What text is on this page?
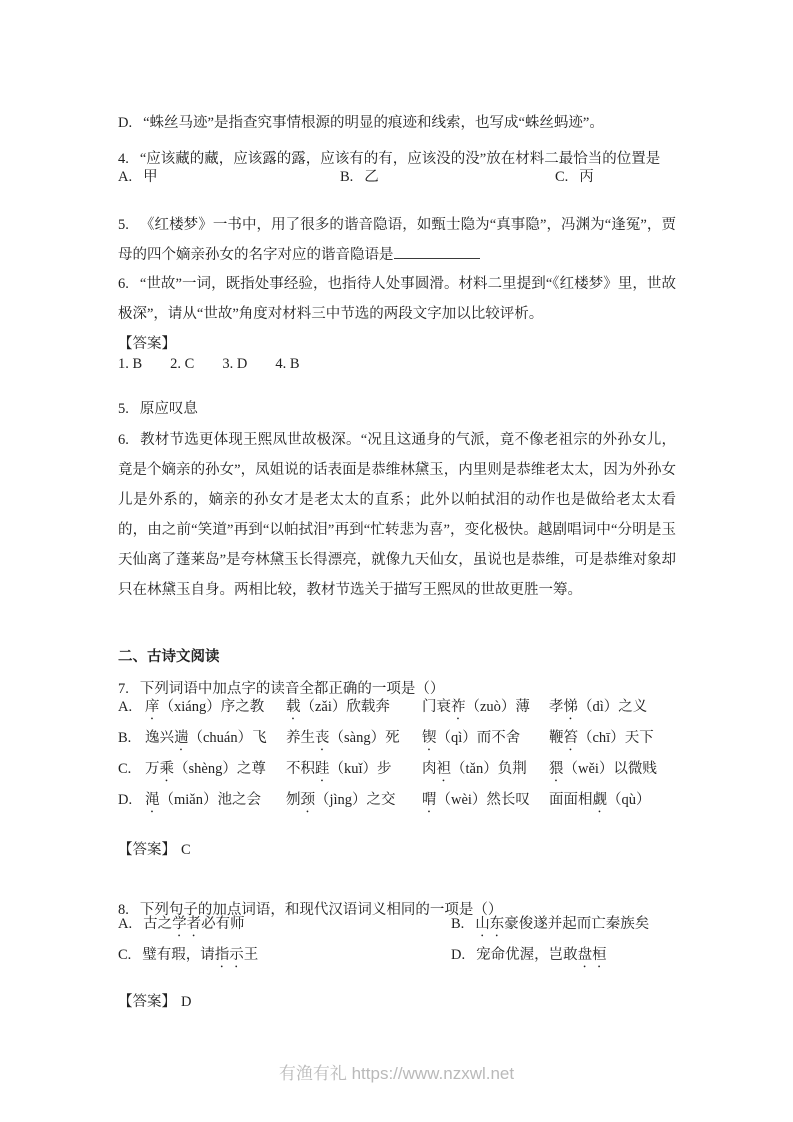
D. “蛛丝马迹”是指查究事情根源的明显的痕迹和线索，也写成“蛛丝蚂迹”。

4. “应该藏的藏，应该露的露，应该有的有，应该没的没”放在材料二最恰当的位置是

A. 甲	B. 乙	C. 丙

5. 《红楼梦》一书中，用了很多的谐音隐语，如甄士隐为“真事隐”，冯渊为“逢冤”，贾母的四个嫡亲孙女的名字对应的谐音隐语是

6. “世故”一词，既指处事经验，也指待人处事圆滑。材料二里提到“《红楼梦》里，世故极深”，请从“世故”角度对材料三中节选的两段文字加以比较评析。

【答案】

1. B 2. C 3. D 4. B

5. 原应叹息

6. 教材节选更体现王熙凤世故极深。“况且这通身的气派，竟不像老祖宗的外孙女儿，竟是个嫡亲的孙女”，凤姐说的话表面是恭维林黛玉，内里则是恭维老太太，因为外孙女儿是外系的，嫡亲的孙女才是老太太的直系；此外以帕拭泪的动作也是做给老太太看的，由之前“笑道”再到“以帕拭泪”再到“忙转悲为喜”，变化极快。越剧唱词中“分明是玉天仙离了蓬莱岛”是夸林黛玉长得漂亮，就像九天仙女，虽说也是恭维，可是恭维对象却只在林黛玉自身。两相比较，教材节选关于描写王熙凤的世故更胜一筹。

二、古诗文阅读

7. 下列词语中加点字的读音全都正确的一项是（）

A. 庠（xiáng）序之教	载（zǎi）欣载奔	门衰祚（zuò）薄	孝悌（dì）之义
B. 逸兴遄（chuán）飞	养生丧（sàng）死	锲（qì）而不舍	鞭笞（chī）天下
C. 万乘（shèng）之尊	不积跬（kuǐ）步	肉袒（tǎn）负荆	猥（wěi）以微贱
D. 渑（miǎn）池之会	刎颈（jìng）之交	喟（wèi）然长叹	面面相觑（qù）

【答案】 C

8. 下列句子的加点词语，和现代汉语词义相同的一项是（）

A. 古之学者必有师	B. 山东豪俊遂并起而亡秦族矣
C. 璧有瑕，请指示王	D. 宠命优渥，岂敢盘桓

【答案】 D

有渔有礼 https://www.nzxwl.net
